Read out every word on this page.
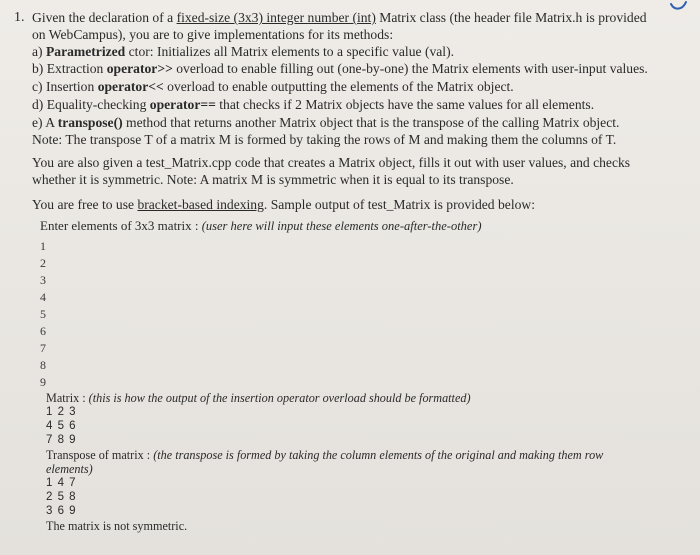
1. Given the declaration of a fixed-size (3x3) integer number (int) Matrix class (the header file Matrix.h is provided
on WebCampus), you are to give implementations for its methods:
a) Parametrized ctor: Initializes all Matrix elements to a specific value (val).
b) Extraction operator>> overload to enable filling out (one-by-one) the Matrix elements with user-input values.
c) Insertion operator<< overload to enable outputting the elements of the Matrix object.
d) Equality-checking operator== that checks if 2 Matrix objects have the same values for all elements.
e) A transpose() method that returns another Matrix object that is the transpose of the calling Matrix object.
Note: The transpose T of a matrix M is formed by taking the rows of M and making them the columns of T.
You are also given a test_Matrix.cpp code that creates a Matrix object, fills it out with user values, and checks
whether it is symmetric. Note: A matrix M is symmetric when it is equal to its transpose.
You are free to use bracket-based indexing. Sample output of test_Matrix is provided below:
Enter elements of 3x3 matrix : (user here will input these elements one-after-the-other)
1
2
3
4
5
6
7
8
9
Matrix : (this is how the output of the insertion operator overload should be formatted)
1 2 3
4 5 6
7 8 9
Transpose of matrix : (the transpose is formed by taking the column elements of the original and making them row
elements)
1 4 7
2 5 8
3 6 9
The matrix is not symmetric.
